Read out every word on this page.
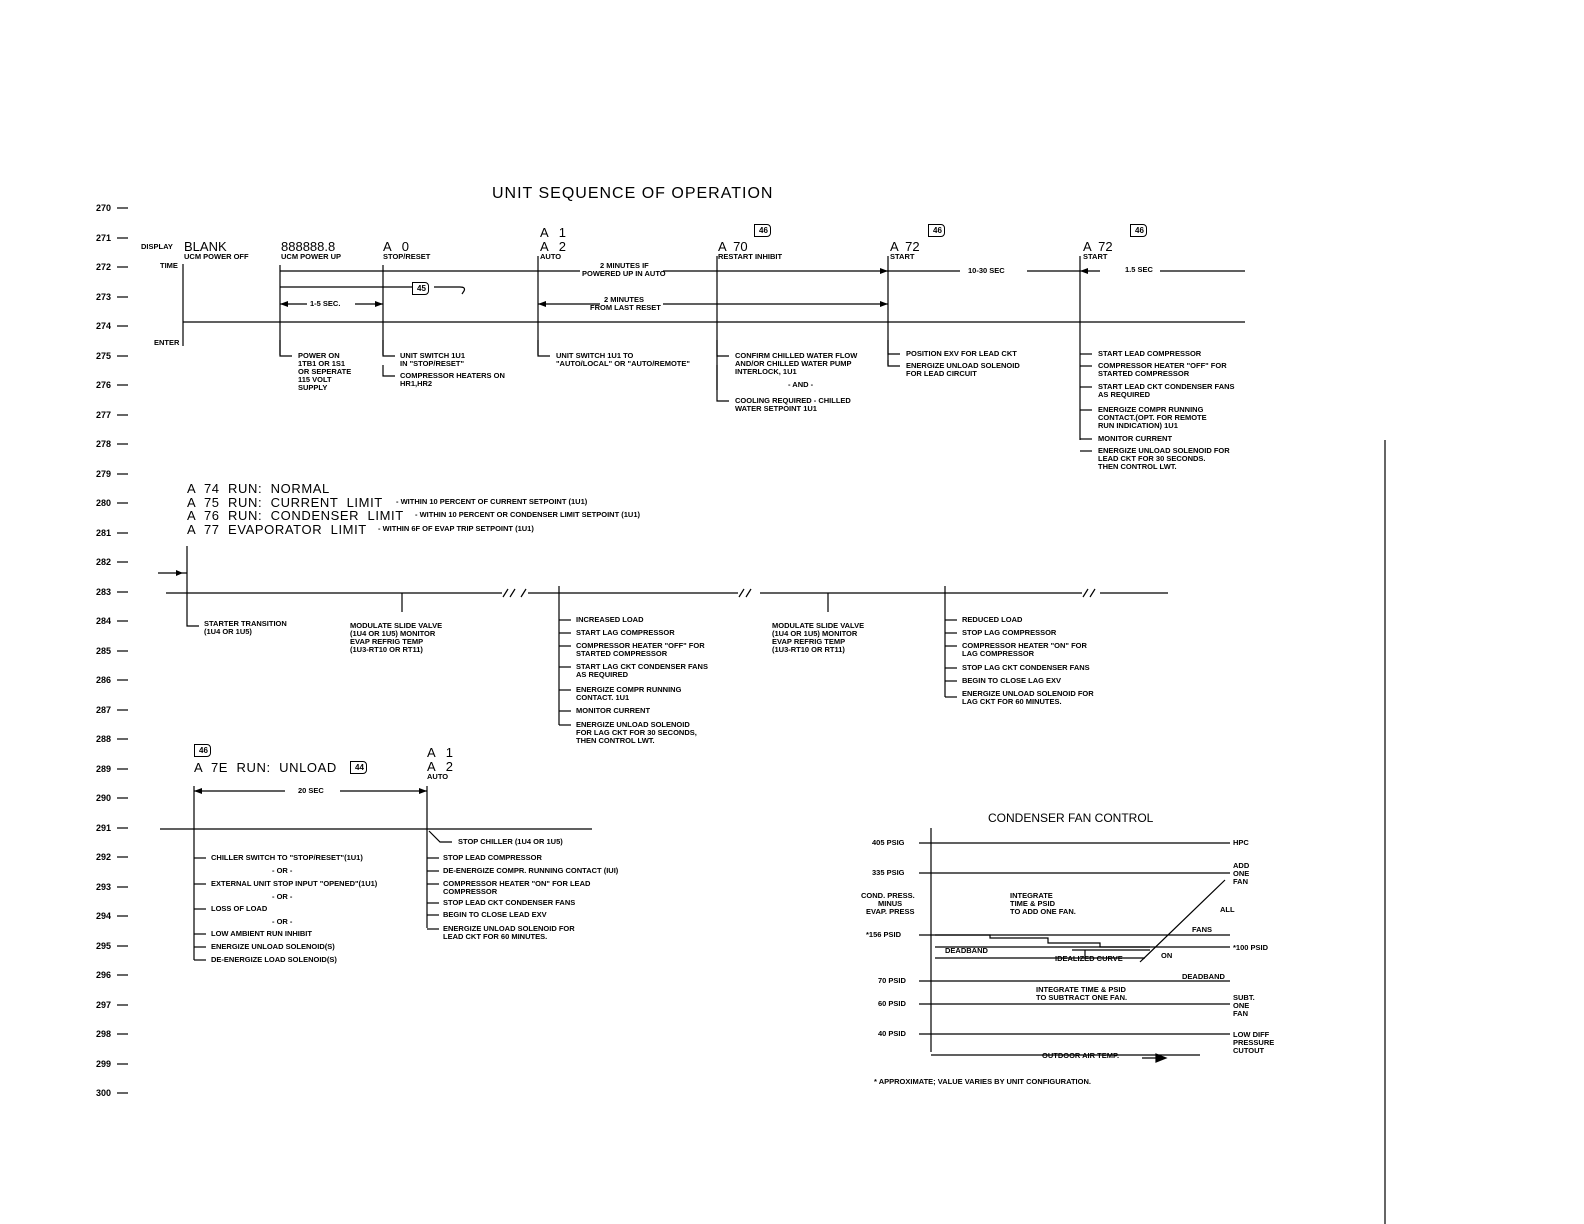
270
271
272
273
274
275
276
277
278
279
280
281
282
283
284
285
286
287
288
289
290
291
292
293
294
295
296
297
298
299
300
UNIT SEQUENCE OF OPERATION
DISPLAY
TIME
ENTER
BLANK
UCM POWER OFF
888888.8
UCM POWER UP
A   0
STOP/RESET
A   1
A   2
AUTO
A  70
RESTART INHIBIT
A  72
START
A  72
START
45
46	46	46
1-5 SEC.
2 MINUTES IF
POWERED UP IN AUTO
2 MINUTES
FROM LAST RESET
10-30 SEC	1.5 SEC
POWER ON
1TB1 OR 1S1
OR SEPERATE
115 VOLT
SUPPLY
UNIT SWITCH 1U1
IN "STOP/RESET"
COMPRESSOR HEATERS ON
HR1,HR2
UNIT SWITCH 1U1 TO
"AUTO/LOCAL" OR "AUTO/REMOTE"
CONFIRM CHILLED WATER FLOW
AND/OR CHILLED WATER PUMP
INTERLOCK, 1U1
- AND -
COOLING REQUIRED - CHILLED
WATER SETPOINT 1U1
POSITION EXV FOR LEAD CKT
ENERGIZE UNLOAD SOLENOID
FOR LEAD CIRCUIT
START LEAD COMPRESSOR
COMPRESSOR HEATER "OFF" FOR
STARTED COMPRESSOR
START LEAD CKT CONDENSER FANS
AS REQUIRED
ENERGIZE COMPR RUNNING
CONTACT.(OPT. FOR REMOTE
RUN INDICATION) 1U1
MONITOR CURRENT
ENERGIZE UNLOAD SOLENOID FOR
LEAD CKT FOR 30 SECONDS.
THEN CONTROL LWT.
A  74  RUN:  NORMAL
A  75  RUN:  CURRENT  LIMIT - WITHIN 10 PERCENT OF CURRENT SETPOINT (1U1)
A  76  RUN:  CONDENSER  LIMIT - WITHIN 10 PERCENT OR CONDENSER LIMIT SETPOINT (1U1)
A  77  EVAPORATOR  LIMIT - WITHIN 6F OF EVAP TRIP SETPOINT (1U1)
STARTER TRANSITION
(1U4 OR 1U5)
MODULATE SLIDE VALVE
(1U4 OR 1U5) MONITOR
EVAP REFRIG TEMP
(1U3-RT10 OR RT11)
INCREASED LOAD
START LAG COMPRESSOR
COMPRESSOR HEATER "OFF" FOR
STARTED COMPRESSOR
START LAG CKT CONDENSER FANS
AS REQUIRED
ENERGIZE COMPR RUNNING
CONTACT. 1U1
MONITOR CURRENT
ENERGIZE UNLOAD SOLENOID
FOR LAG CKT FOR 30 SECONDS,
THEN CONTROL LWT.
MODULATE SLIDE VALVE
(1U4 OR 1U5) MONITOR
EVAP REFRIG TEMP
(1U3-RT10 OR RT11)
REDUCED LOAD
STOP LAG COMPRESSOR
COMPRESSOR HEATER "ON" FOR
LAG COMPRESSOR
STOP LAG CKT CONDENSER FANS
BEGIN TO CLOSE LAG EXV
ENERGIZE UNLOAD SOLENOID FOR
LAG CKT FOR 60 MINUTES.
46
A  7E  RUN:  UNLOAD	44
A   1
A   2
AUTO
20 SEC
CHILLER SWITCH TO "STOP/RESET"(1U1)
- OR -
EXTERNAL UNIT STOP INPUT "OPENED"(1U1)
- OR -
LOSS OF LOAD
- OR -
LOW AMBIENT RUN INHIBIT
ENERGIZE UNLOAD SOLENOID(S)
DE-ENERGIZE LOAD SOLENOID(S)
STOP CHILLER (1U4 OR 1U5)
STOP LEAD COMPRESSOR
DE-ENERGIZE COMPR. RUNNING CONTACT (IUI)
COMPRESSOR HEATER "ON" FOR LEAD
COMPRESSOR
STOP LEAD CKT CONDENSER FANS
BEGIN TO CLOSE LEAD EXV
ENERGIZE UNLOAD SOLENOID FOR
LEAD CKT FOR 60 MINUTES.
CONDENSER FAN CONTROL
405 PSIG
335 PSIG
*156 PSID
70 PSID
60 PSID
40 PSID
COND. PRESS.
MINUS
EVAP. PRESS
HPC
ADD
ONE
FAN
ALL
FANS
*100 PSID
SUBT.
ONE
FAN
LOW DIFF
PRESSURE
CUTOUT
INTEGRATE
TIME & PSID
TO ADD ONE FAN.
INTEGRATE TIME & PSID
TO SUBTRACT ONE FAN.
DEADBAND
DEADBAND
IDEALIZED CURVE	ON
OUTDOOR AIR TEMP.
* APPROXIMATE; VALUE VARIES BY UNIT CONFIGURATION.
